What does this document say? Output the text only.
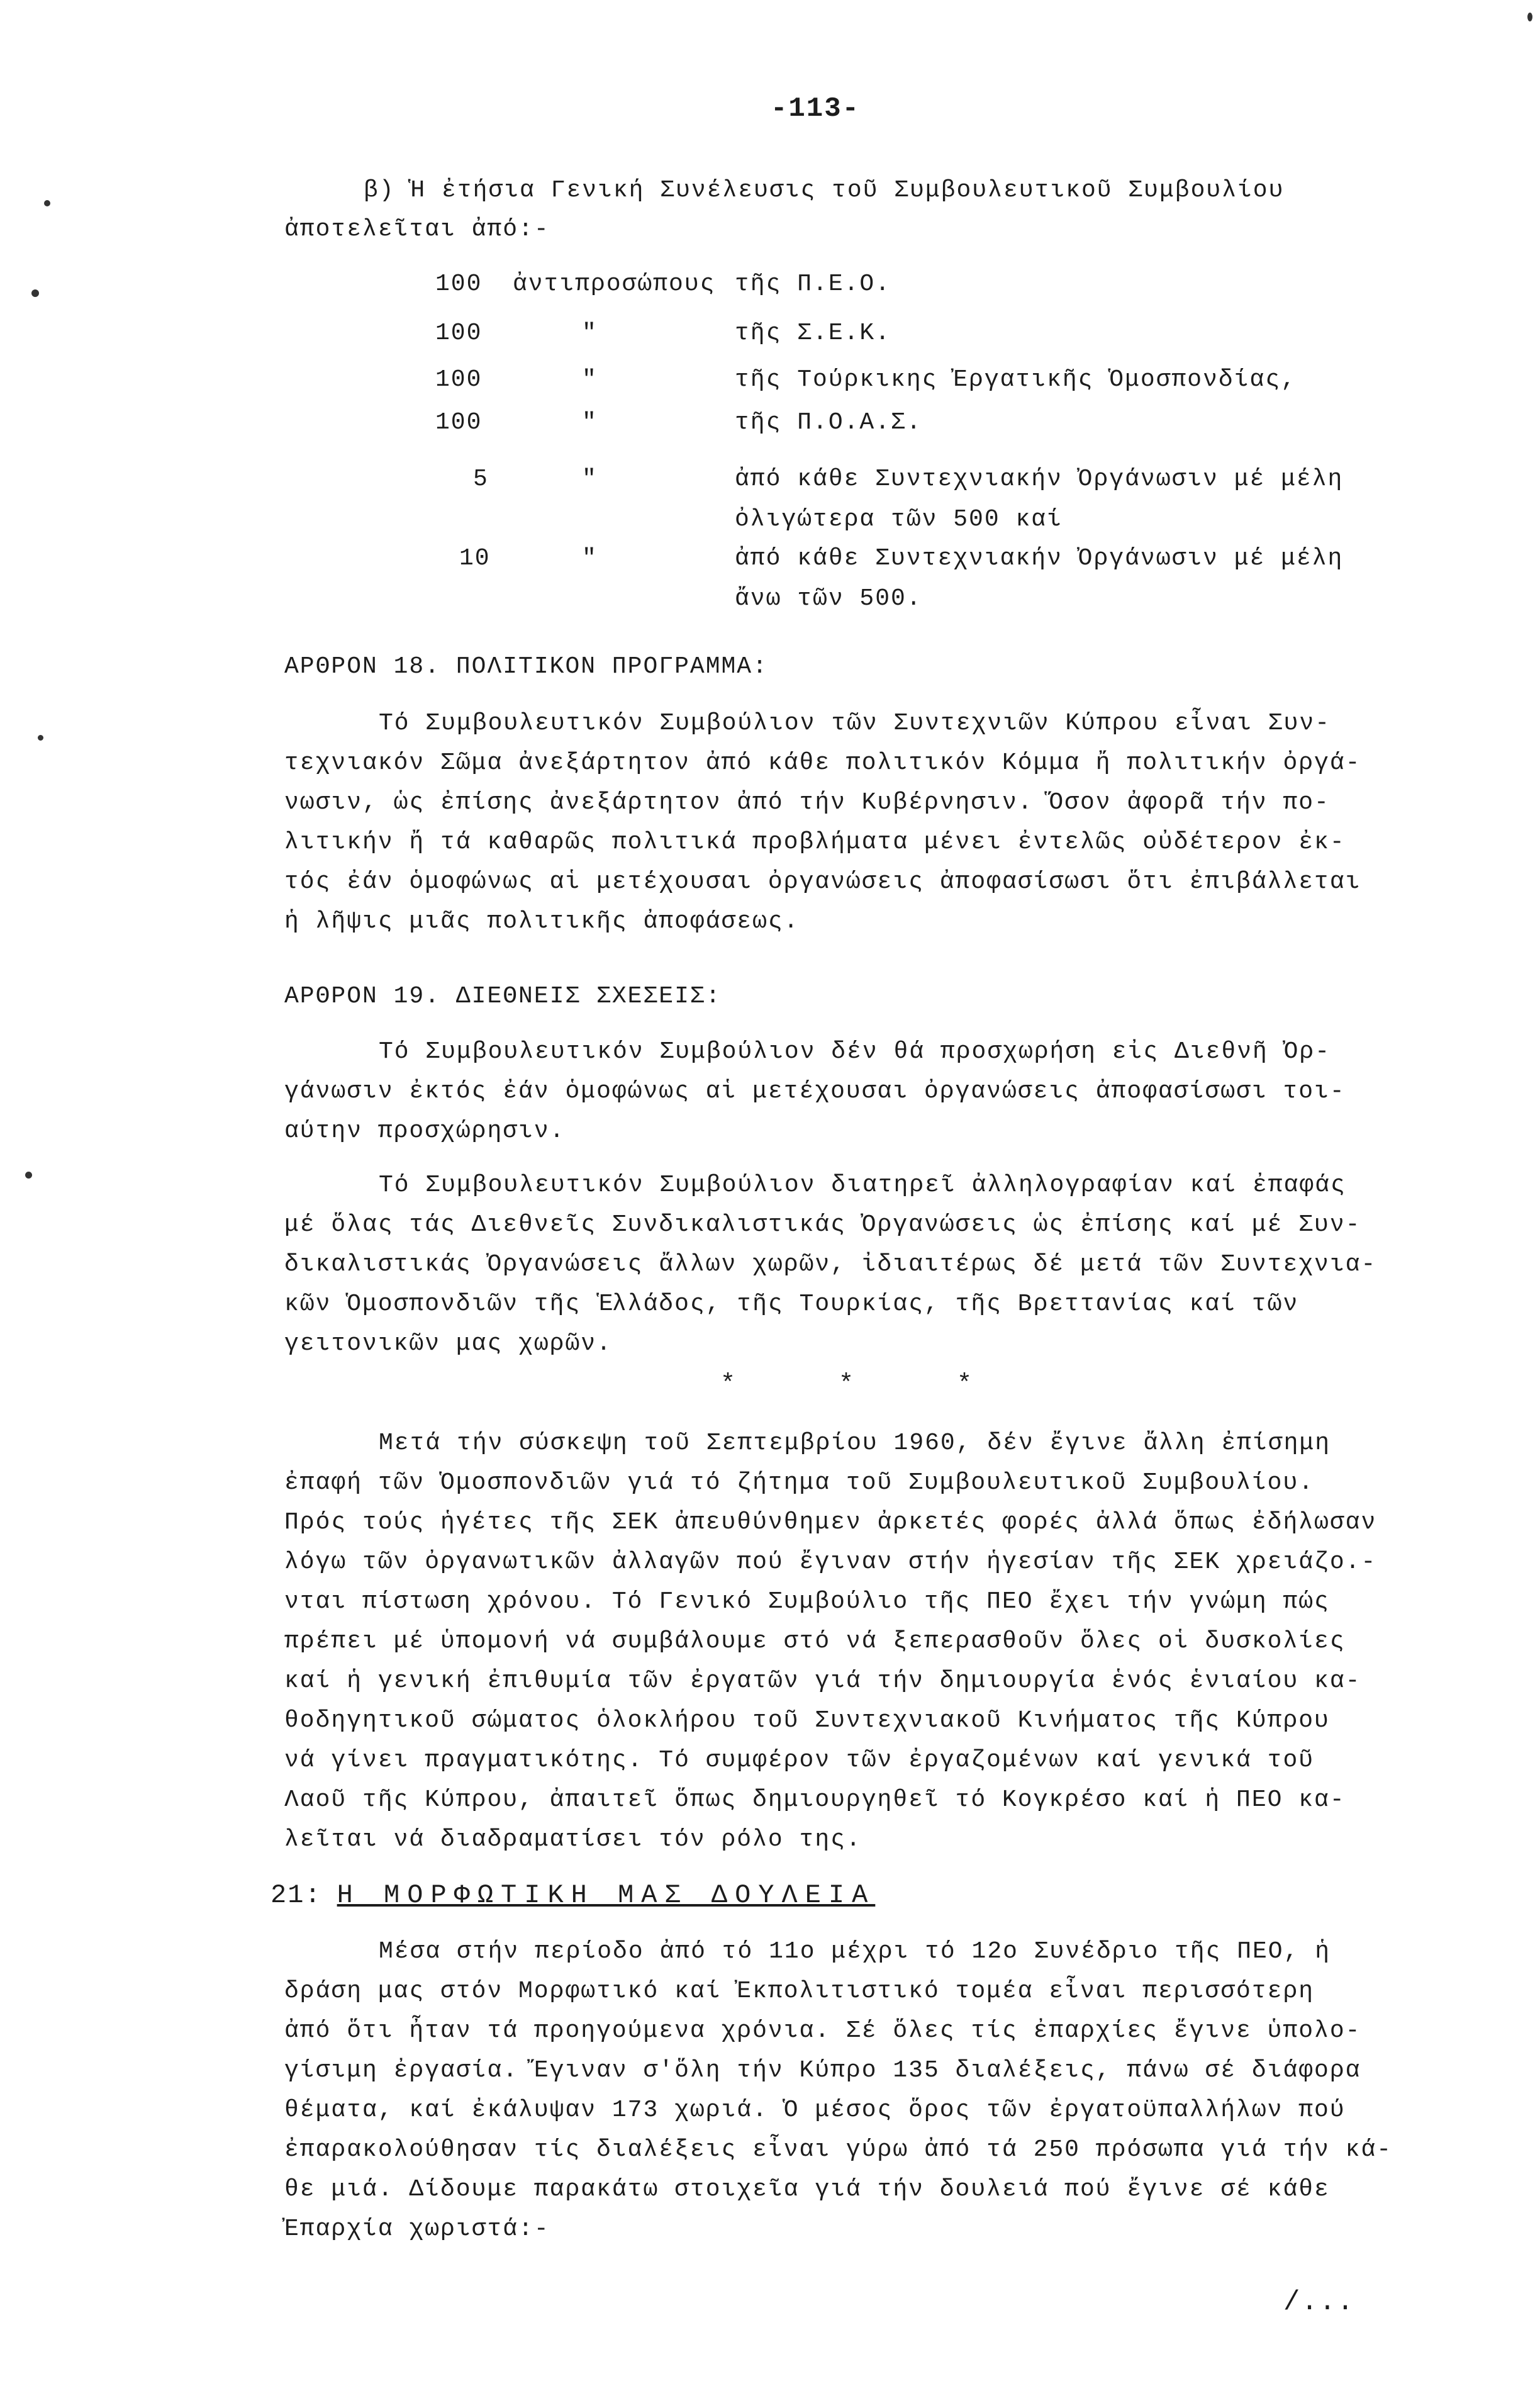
-113-
β) Ἡ ἐτήσια Γενική Συνέλευσις τοῦ Συμβουλευτικοῦ Συμβουλίου
ἀποτελεῖται ἀπό:-
100 ἀντιπροσώπους τῆς Π.Ε.Ο.
100	"	τῆς Σ.Ε.Κ.
100	"	τῆς Τούρκικης Ἐργατικῆς Ὁμοσπονδίας,
100	"	τῆς Π.Ο.Α.Σ.
5	"	ἀπό κάθε Συντεχνιακήν Ὀργάνωσιν μέ μέλη
ὀλιγώτερα τῶν 500 καί
10	"	ἀπό κάθε Συντεχνιακήν Ὀργάνωσιν μέ μέλη
ἄνω τῶν 500.
ΑΡΘΡΟΝ 18. ΠΟΛΙΤΙΚΟΝ ΠΡΟΓΡΑΜΜΑ:
Τό Συμβουλευτικόν Συμβούλιον τῶν Συντεχνιῶν Κύπρου εἶναι Συν-
τεχνιακόν Σῶμα ἀνεξάρτητον ἀπό κάθε πολιτικόν Κόμμα ἤ πολιτικήν ὀργά-
νωσιν, ὡς ἐπίσης ἀνεξάρτητον ἀπό τήν Κυβέρνησιν. Ὅσον ἀφορᾶ τήν πο-
λιτικήν ἤ τά καθαρῶς πολιτικά προβλήματα μένει ἐντελῶς οὐδέτερον ἐκ-
τός ἐάν ὁμοφώνως αἱ μετέχουσαι ὀργανώσεις ἀποφασίσωσι ὅτι ἐπιβάλλεται
ἡ λῆψις μιᾶς πολιτικῆς ἀποφάσεως.
ΑΡΘΡΟΝ 19. ΔΙΕΘΝΕΙΣ ΣΧΕΣΕΙΣ:
Τό Συμβουλευτικόν Συμβούλιον δέν θά προσχωρήση εἰς Διεθνῆ Ὀρ-
γάνωσιν ἐκτός ἐάν ὁμοφώνως αἱ μετέχουσαι ὀργανώσεις ἀποφασίσωσι τοι-
αύτην προσχώρησιν.
Τό Συμβουλευτικόν Συμβούλιον διατηρεῖ ἀλληλογραφίαν καί ἐπαφάς
μέ ὅλας τάς Διεθνεῖς Συνδικαλιστικάς Ὀργανώσεις ὡς ἐπίσης καί μέ Συν-
δικαλιστικάς Ὀργανώσεις ἄλλων χωρῶν, ἰδιαιτέρως δέ μετά τῶν Συντεχνια-
κῶν Ὁμοσπονδιῶν τῆς Ἑλλάδος, τῆς Τουρκίας, τῆς Βρεττανίας καί τῶν
γειτονικῶν μας χωρῶν.
* * *
Μετά τήν σύσκεψη τοῦ Σεπτεμβρίου 1960, δέν ἔγινε ἄλλη ἐπίσημη
ἐπαφή τῶν Ὁμοσπονδιῶν γιά τό ζήτημα τοῦ Συμβουλευτικοῦ Συμβουλίου.
Πρός τούς ἡγέτες τῆς ΣΕΚ ἀπευθύνθημεν ἀρκετές φορές ἀλλά ὅπως ἐδήλωσαν
λόγω τῶν ὀργανωτικῶν ἀλλαγῶν πού ἔγιναν στήν ἡγεσίαν τῆς ΣΕΚ χρειάζο.-
νται πίστωση χρόνου. Τό Γενικό Συμβούλιο τῆς ΠΕΟ ἔχει τήν γνώμη πώς
πρέπει μέ ὑπομονή νά συμβάλουμε στό νά ξεπερασθοῦν ὅλες οἱ δυσκολίες
καί ἡ γενική ἐπιθυμία τῶν ἐργατῶν γιά τήν δημιουργία ἑνός ἑνιαίου κα-
θοδηγητικοῦ σώματος ὁλοκλήρου τοῦ Συντεχνιακοῦ Κινήματος τῆς Κύπρου
νά γίνει πραγματικότης. Τό συμφέρον τῶν ἐργαζομένων καί γενικά τοῦ
Λαοῦ τῆς Κύπρου, ἀπαιτεῖ ὅπως δημιουργηθεῖ τό Κογκρέσο καί ἡ ΠΕΟ κα-
λεῖται νά διαδραματίσει τόν ρόλο της.
21: Η ΜΟΡΦΩΤΙΚΗ ΜΑΣ ΔΟΥΛΕΙΑ
Μέσα στήν περίοδο ἀπό τό 11ο μέχρι τό 12ο Συνέδριο τῆς ΠΕΟ, ἡ
δράση μας στόν Μορφωτικό καί Ἐκπολιτιστικό τομέα εἶναι περισσότερη
ἀπό ὅτι ἦταν τά προηγούμενα χρόνια. Σέ ὅλες τίς ἐπαρχίες ἔγινε ὑπολο-
γίσιμη ἐργασία. Ἔγιναν σ'ὅλη τήν Κύπρο 135 διαλέξεις, πάνω σέ διάφορα
θέματα, καί ἐκάλυψαν 173 χωριά. Ὁ μέσος ὅρος τῶν ἐργατοϋπαλλήλων πού
ἐπαρακολούθησαν τίς διαλέξεις εἶναι γύρω ἀπό τά 250 πρόσωπα γιά τήν κά-
θε μιά. Δίδουμε παρακάτω στοιχεῖα γιά τήν δουλειά πού ἔγινε σέ κάθε
Ἐπαρχία χωριστά:-
/...
